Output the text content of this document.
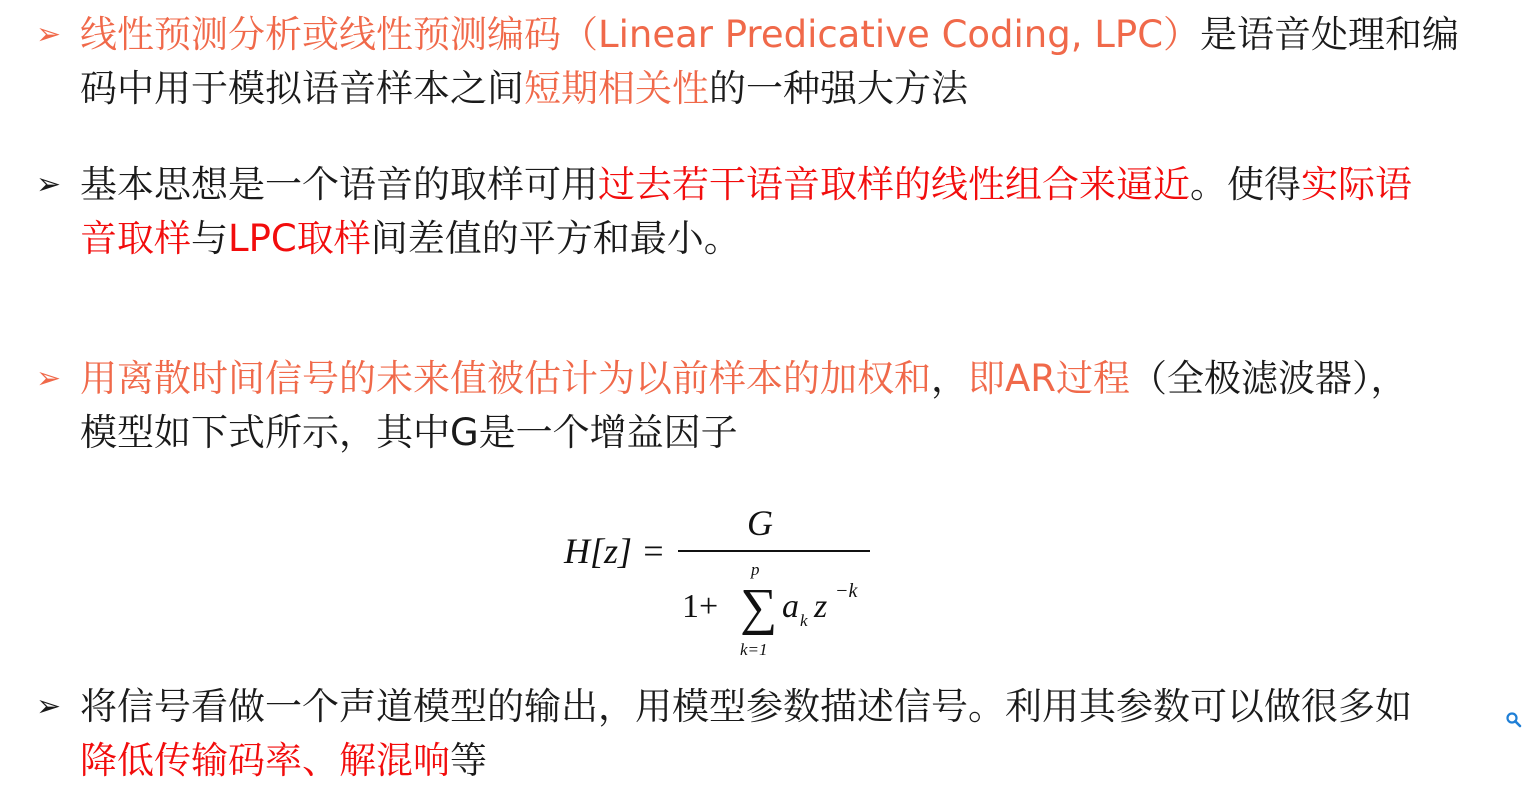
➢ 线性预测分析或线性预测编码（Linear Predicative Coding, LPC）是语音处理和编
码中用于模拟语音样本之间短期相关性的一种强大方法
➢ 基本思想是一个语音的取样可用过去若干语音取样的线性组合来逼近。使得实际语
音取样与LPC取样间差值的平方和最小。
➢ 用离散时间信号的未来值被估计为以前样本的加权和，即AR过程（全极滤波器），
模型如下式所示，其中G是一个增益因子
H[z] =
G
1+ ∑
p
k=1
a k z −k
➢ 将信号看做一个声道模型的输出，用模型参数描述信号。利用其参数可以做很多如
降低传输码率、解混响等
